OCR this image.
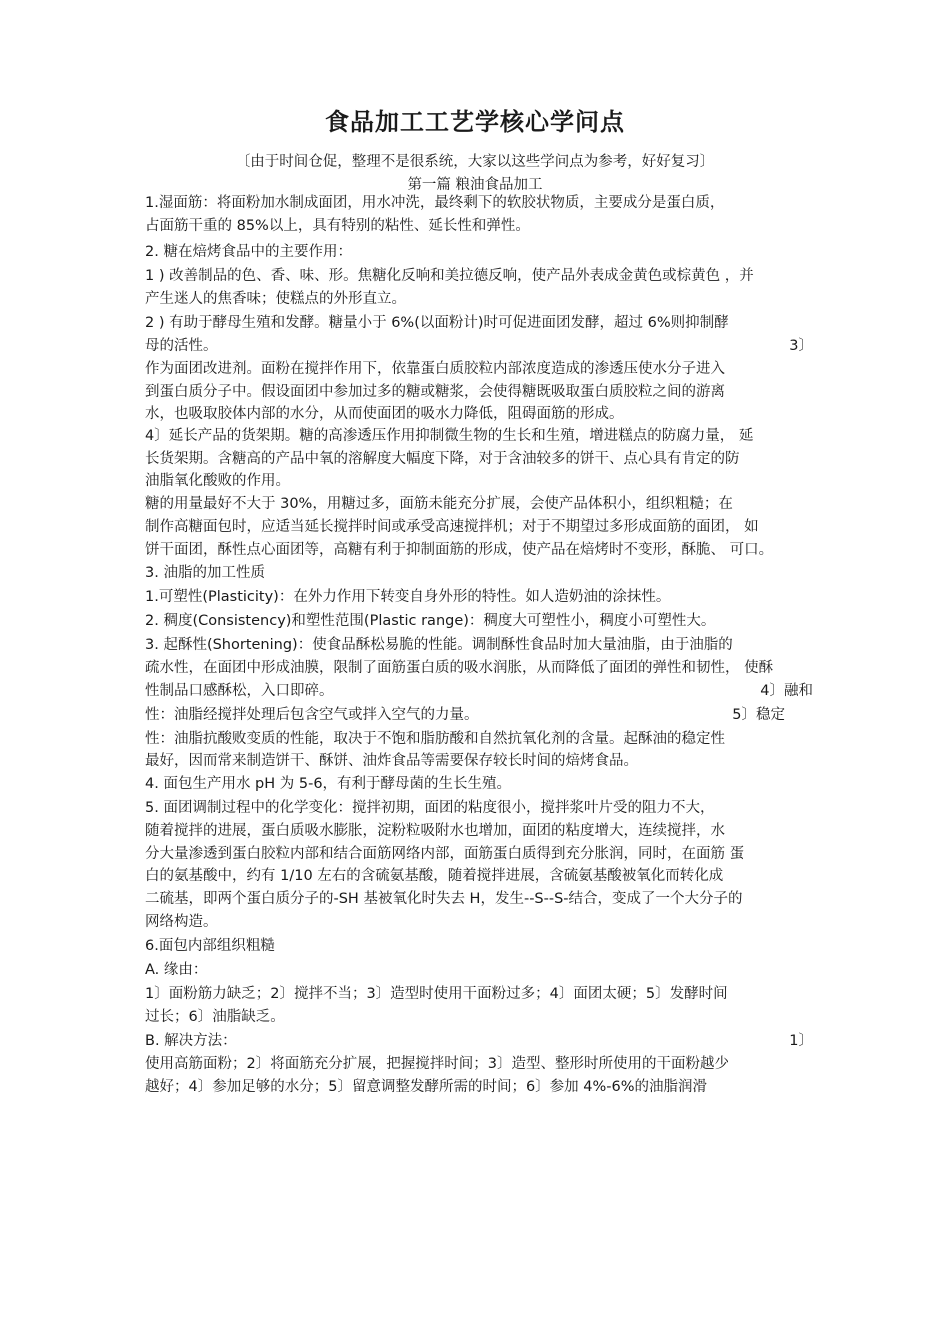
食品加工工艺学核心学问点
〔由于时间仓促，整理不是很系统，大家以这些学问点为参考，好好复习〕
第一篇 粮油食品加工
1.湿面筋：将面粉加水制成面团，用水冲洗，最终剩下的软胶状物质，主要成分是蛋白质，
占面筋干重的 85%以上，具有特别的粘性、延长性和弹性。
2. 糖在焙烤食品中的主要作用：
1 ) 改善制品的色、香、味、形。焦糖化反响和美拉德反响，使产品外表成金黄色或棕黄色 ，并
产生迷人的焦香味；使糕点的外形直立。
2 ) 有助于酵母生殖和发酵。糖量小于 6%(以面粉计)时可促进面团发酵，超过 6%则抑制酵
母的活性。	3〕
作为面团改进剂。面粉在搅拌作用下，依靠蛋白质胶粒内部浓度造成的渗透压使水分子进入
到蛋白质分子中。假设面团中参加过多的糖或糖浆，会使得糖既吸取蛋白质胶粒之间的游离
水，也吸取胶体内部的水分，从而使面团的吸水力降低，阻碍面筋的形成。
4〕延长产品的货架期。糖的高渗透压作用抑制微生物的生长和生殖，增进糕点的防腐力量， 延
长货架期。含糖高的产品中氧的溶解度大幅度下降，对于含油较多的饼干、点心具有肯定的防
油脂氧化酸败的作用。
糖的用量最好不大于 30%，用糖过多，面筋未能充分扩展，会使产品体积小，组织粗糙；在
制作高糖面包时，应适当延长搅拌时间或承受高速搅拌机；对于不期望过多形成面筋的面团， 如
饼干面团，酥性点心面团等，高糖有利于抑制面筋的形成，使产品在焙烤时不变形，酥脆、 可口。
3. 油脂的加工性质
1.可塑性(Plasticity)：在外力作用下转变自身外形的特性。如人造奶油的涂抹性。
2. 稠度(Consistency)和塑性范围(Plastic range)：稠度大可塑性小，稠度小可塑性大。
3. 起酥性(Shortening)：使食品酥松易脆的性能。调制酥性食品时加大量油脂，由于油脂的
疏水性，在面团中形成油膜，限制了面筋蛋白质的吸水润胀，从而降低了面团的弹性和韧性， 使酥
性制品口感酥松，入口即碎。	4〕融和
性：油脂经搅拌处理后包含空气或拌入空气的力量。	5〕稳定
性：油脂抗酸败变质的性能，取决于不饱和脂肪酸和自然抗氧化剂的含量。起酥油的稳定性
最好，因而常来制造饼干、酥饼、油炸食品等需要保存较长时间的焙烤食品。
4. 面包生产用水 pH 为 5-6，有利于酵母菌的生长生殖。
5. 面团调制过程中的化学变化：搅拌初期，面团的粘度很小，搅拌浆叶片受的阻力不大，
随着搅拌的进展，蛋白质吸水膨胀，淀粉粒吸附水也增加，面团的粘度增大，连续搅拌，水
分大量渗透到蛋白胶粒内部和结合面筋网络内部，面筋蛋白质得到充分胀润，同时，在面筋 蛋
白的氨基酸中，约有 1/10 左右的含硫氨基酸，随着搅拌进展，含硫氨基酸被氧化而转化成
二硫基，即两个蛋白质分子的-SH 基被氧化时失去 H，发生--S--S-结合，变成了一个大分子的
网络构造。
6.面包内部组织粗糙
A. 缘由：
1〕面粉筋力缺乏；2〕搅拌不当；3〕造型时使用干面粉过多；4〕面团太硬；5〕发酵时间
过长；6〕油脂缺乏。
B. 解决方法：	1〕
使用高筋面粉；2〕将面筋充分扩展，把握搅拌时间；3〕造型、整形时所使用的干面粉越少
越好；4〕参加足够的水分；5〕留意调整发酵所需的时间；6〕参加 4%-6%的油脂润滑
